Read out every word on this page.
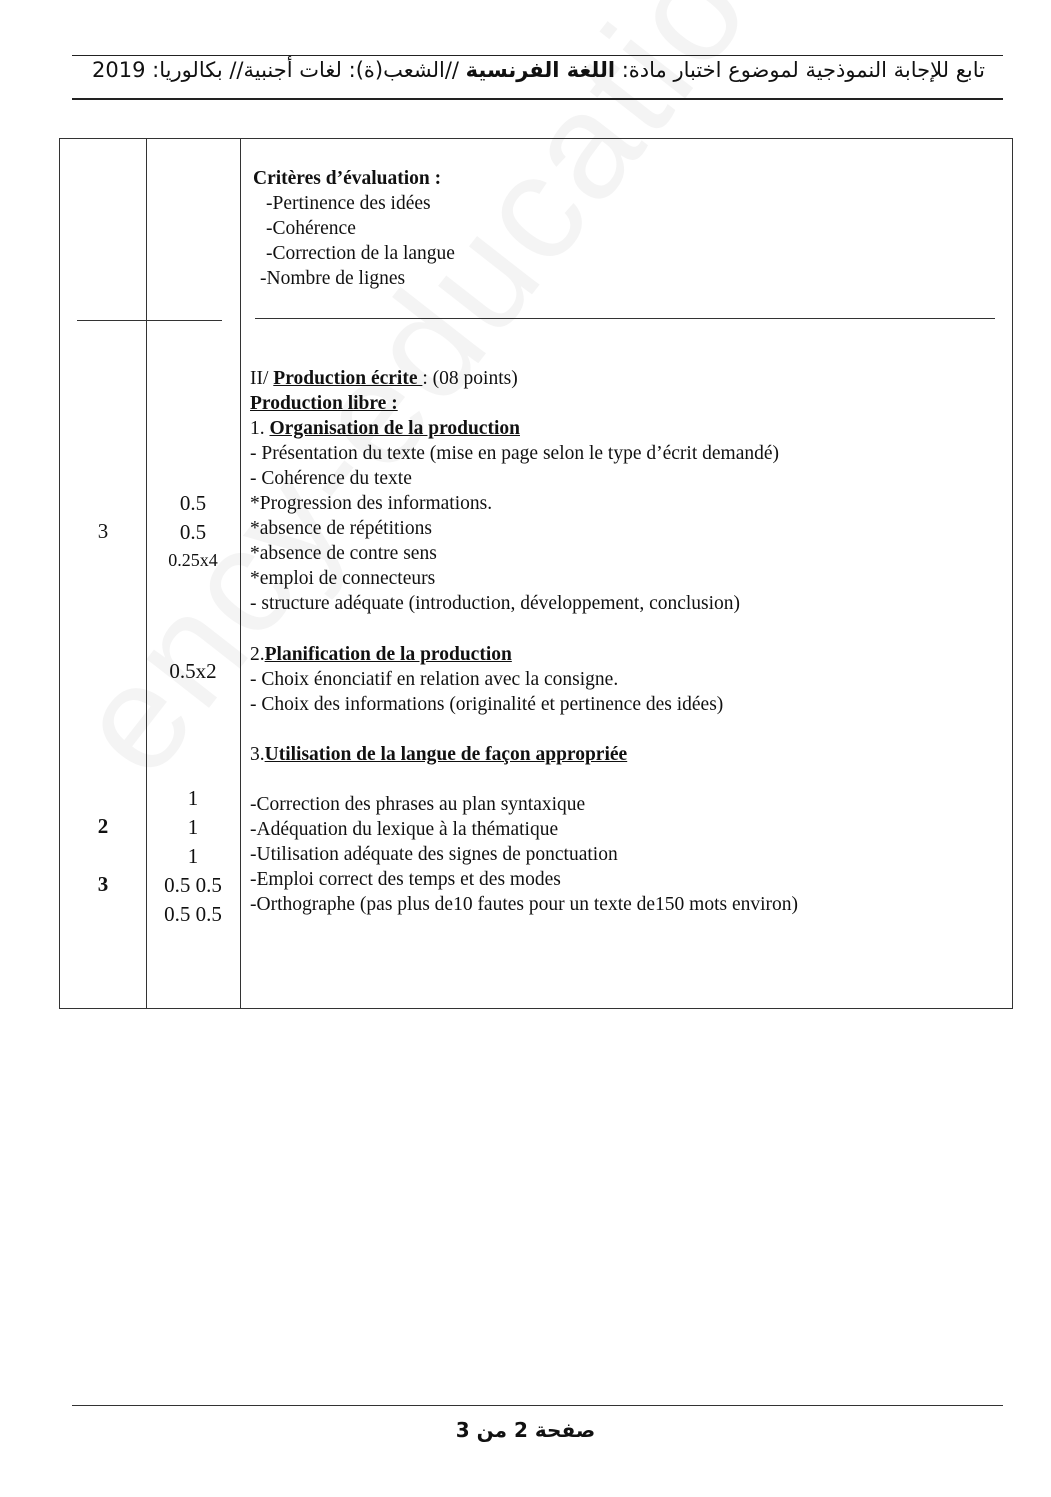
تابع للإجابة النموذجية لموضوع اختبار مادة: اللغة الفرنسية //الشعب(ة): لغات أجنبية// بكالوريا: 2019
Critères d’évaluation :
-Pertinence des idées
-Cohérence
-Correction de la langue
-Nombre de lignes
II/ Production écrite : (08 points)
Production libre :
1. Organisation de la production
- Présentation du texte (mise en page selon le type d’écrit demandé)
- Cohérence du texte
*Progression des informations.
*absence de répétitions
*absence de contre sens
*emploi de connecteurs
- structure adéquate (introduction, développement, conclusion)
2.Planification de la production
- Choix énonciatif en relation avec la consigne.
- Choix des informations (originalité et pertinence des idées)
3.Utilisation de la langue de façon appropriée
-Correction des phrases au plan syntaxique
-Adéquation du lexique à la thématique
-Utilisation adéquate des signes de ponctuation
-Emploi correct des temps et des modes
-Orthographe (pas plus de10 fautes pour un texte de150 mots environ)
3
2
3
0.5
0.5
0.25x4
0.5x2
1
1
1
0.5 0.5
0.5 0.5
صفحة 2 من 3
